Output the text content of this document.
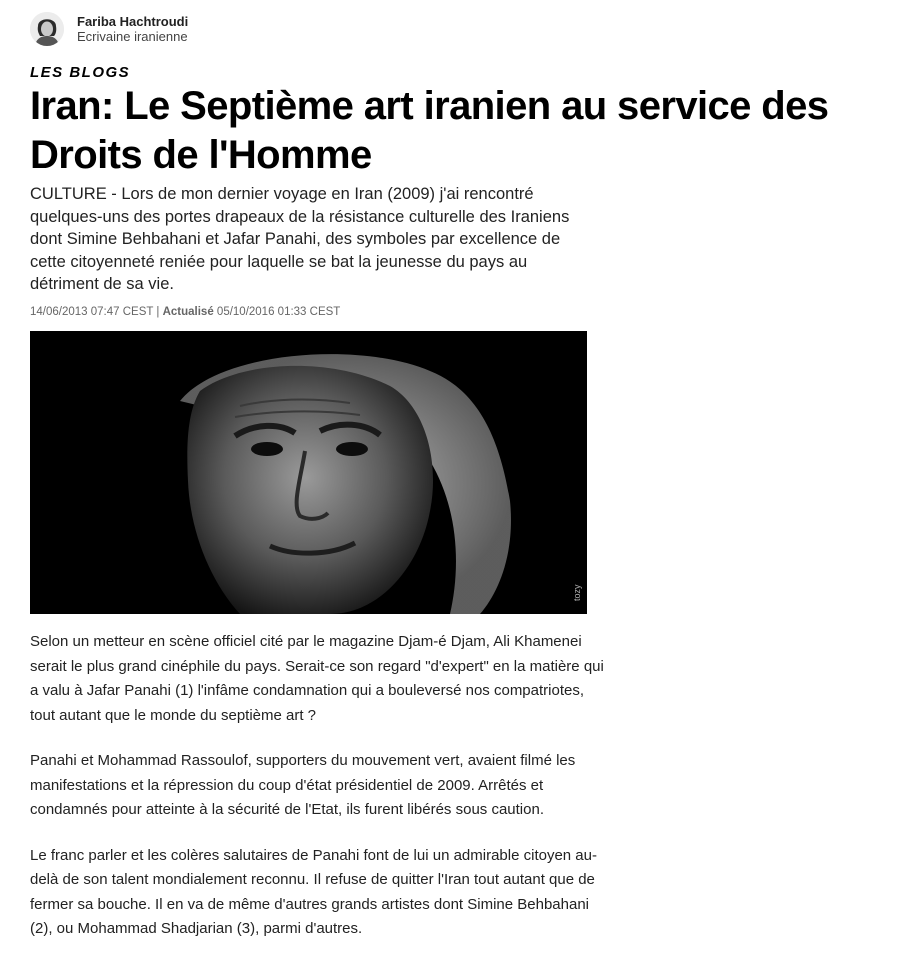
Fariba Hachtroudi
Ecrivaine iranienne
LES BLOGS
Iran: Le Septième art iranien au service des Droits de l'Homme

CULTURE - Lors de mon dernier voyage en Iran (2009) j'ai rencontré quelques-uns des portes drapeaux de la résistance culturelle des Iraniens dont Simine Behbahani et Jafar Panahi, des symboles par excellence de cette citoyenneté reniée pour laquelle se bat la jeunesse du pays au détriment de sa vie.

14/06/2013 07:47 CEST | Actualisé 05/10/2016 01:33 CEST
tozy

Selon un metteur en scène officiel cité par le magazine Djam-é Djam, Ali Khamenei serait le plus grand cinéphile du pays. Serait-ce son regard "d'expert" en la matière qui a valu à Jafar Panahi (1) l'infâme condamnation qui a bouleversé nos compatriotes, tout autant que le monde du septième art ?

Panahi et Mohammad Rassoulof, supporters du mouvement vert, avaient filmé les manifestations et la répression du coup d'état présidentiel de 2009. Arrêtés et condamnés pour atteinte à la sécurité de l'Etat, ils furent libérés sous caution.

Le franc parler et les colères salutaires de Panahi font de lui un admirable citoyen au-delà de son talent mondialement reconnu. Il refuse de quitter l'Iran tout autant que de fermer sa bouche. Il en va de même d'autres grands artistes dont Simine Behbahani (2), ou Mohammad Shadjarian (3), parmi d'autres.
